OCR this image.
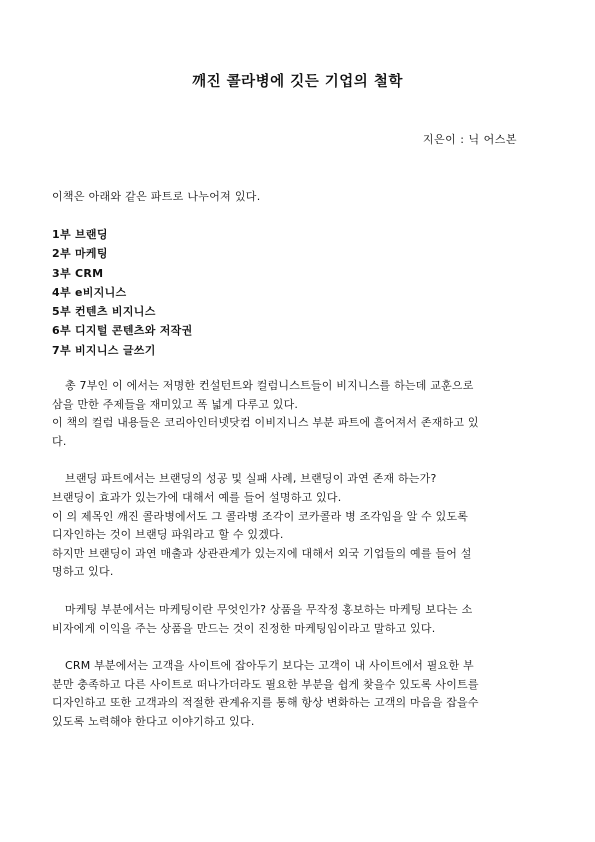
깨진 콜라병에 깃든 기업의 철학
지은이 : 닉 어스본
이책은 아래와 같은 파트로 나누어져 있다.
1부 브랜딩
2부 마케팅
3부 CRM
4부 e비지니스
5부 컨텐츠 비지니스
6부 디지털 콘텐츠와 저작권
7부 비지니스 글쓰기

총 7부인 이 에서는 저명한 컨설턴트와 컬럼니스트들이 비지니스를 하는데 교훈으로
삼을 만한 주제들을 재미있고 폭 넓게 다루고 있다.
이 책의 컬럼 내용들은 코리아인터넷닷컴 이비지니스 부분 파트에 흘어져서 존재하고 있
다.

브랜딩 파트에서는 브랜딩의 성공 및 실패 사례, 브랜딩이 과연 존재 하는가?
브랜딩이 효과가 있는가에 대해서 예를 들어 설명하고 있다.
이 의 제목인 깨진 콜라병에서도 그 콜라병 조각이 코카콜라 병 조각임을 알 수 있도록
디자인하는 것이 브랜딩 파워라고 할 수 있겠다.
하지만 브랜딩이 과연 매출과 상관관계가 있는지에 대해서 외국 기업들의 예를 들어 설
명하고 있다.

마케팅 부분에서는 마케팅이란 무엇인가? 상품을 무작정 홍보하는 마케팅 보다는 소
비자에게 이익을 주는 상품을 만드는 것이 진정한 마케팅임이라고 말하고 있다.

CRM 부분에서는 고객을 사이트에 잡아두기 보다는 고객이 내 사이트에서 필요한 부
분만 충족하고 다른 사이트로 떠나가더라도 필요한 부분을 쉽게 찾을수 있도록 사이트를
디자인하고 또한 고객과의 적절한 관계유지를 통해 항상 변화하는 고객의 마음을 잡을수
있도록 노력해야 한다고 이야기하고 있다.
